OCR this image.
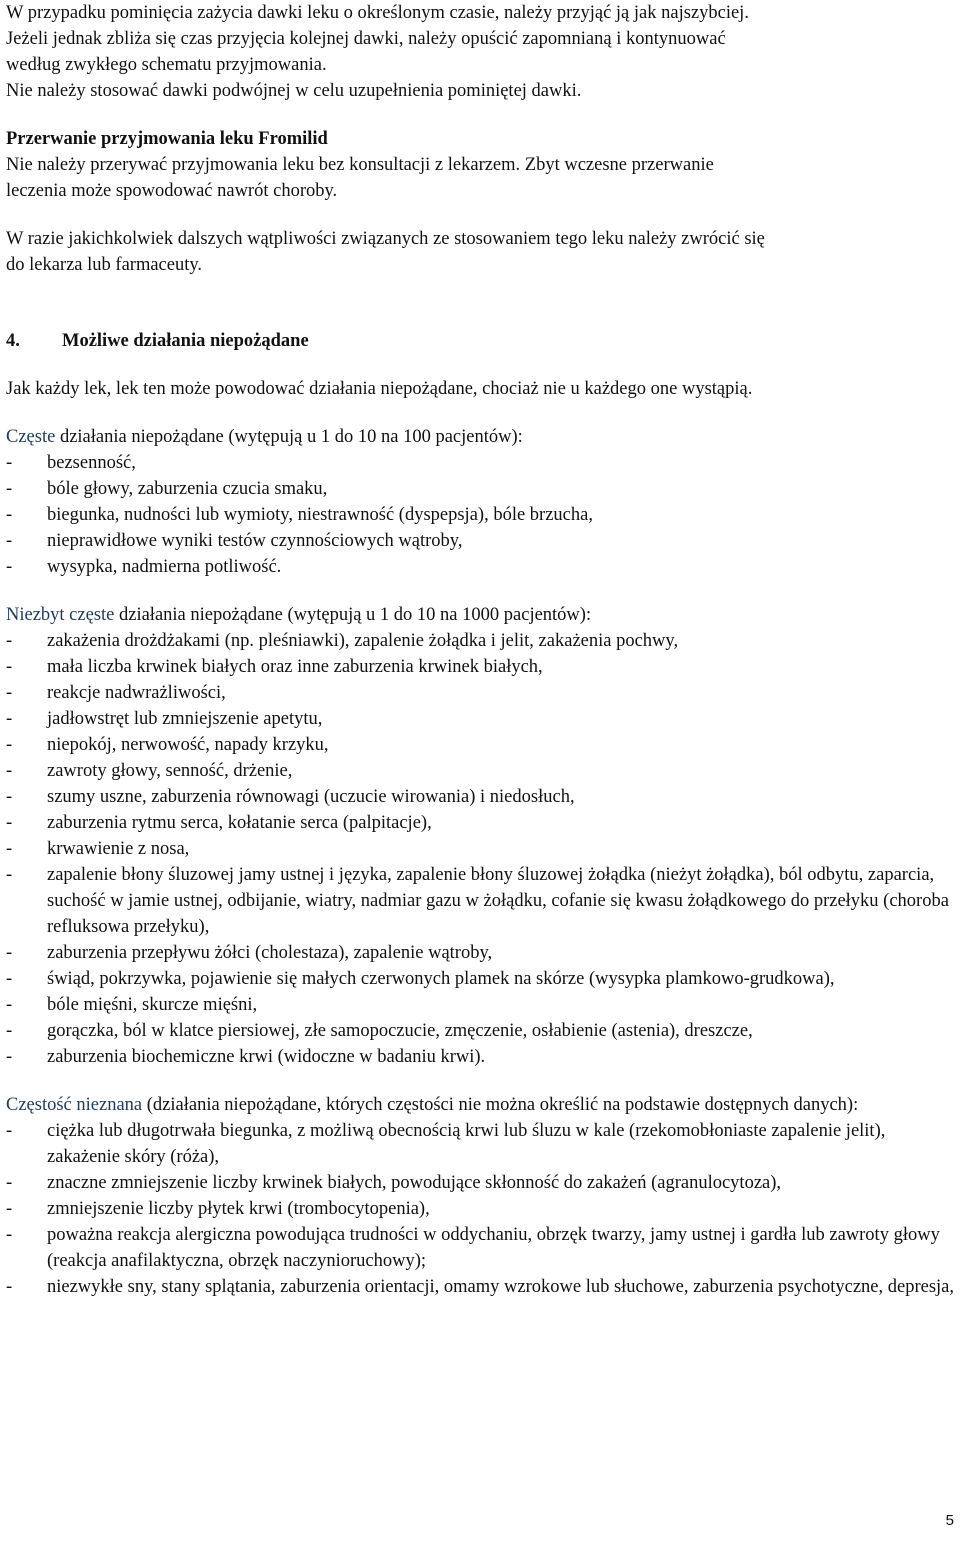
W przypadku pominięcia zażycia dawki leku o określonym czasie, należy przyjąć ją jak najszybciej.

Jeżeli jednak zbliża się czas przyjęcia kolejnej dawki, należy opuścić zapomnianą i kontynuować

według zwykłego schematu przyjmowania.

Nie należy stosować dawki podwójnej w celu uzupełnienia pominiętej dawki.

Przerwanie przyjmowania leku Fromilid

Nie należy przerywać przyjmowania leku bez konsultacji z lekarzem. Zbyt wczesne przerwanie

leczenia może spowodować nawrót choroby.

W razie jakichkolwiek dalszych wątpliwości związanych ze stosowaniem tego leku należy zwrócić się

do lekarza lub farmaceuty.

4. Możliwe działania niepożądane

Jak każdy lek, lek ten może powodować działania niepożądane, chociaż nie u każdego one wystąpią.

Częste działania niepożądane (wytępują u 1 do 10 na 100 pacjentów):

- bezsenność,
- bóle głowy, zaburzenia czucia smaku,
- biegunka, nudności lub wymioty, niestrawność (dyspepsja), bóle brzucha,
- nieprawidłowe wyniki testów czynnościowych wątroby,
- wysypka, nadmierna potliwość.

Niezbyt częste działania niepożądane (wytępują u 1 do 10 na 1000 pacjentów):

- zakażenia drożdżakami (np. pleśniawki), zapalenie żołądka i jelit, zakażenia pochwy,
- mała liczba krwinek białych oraz inne zaburzenia krwinek białych,
- reakcje nadwrażliwości,
- jadłowstręt lub zmniejszenie apetytu,
- niepokój, nerwowość, napady krzyku,
- zawroty głowy, senność, drżenie,
- szumy uszne, zaburzenia równowagi (uczucie wirowania) i niedosłuch,
- zaburzenia rytmu serca, kołatanie serca (palpitacje),
- krwawienie z nosa,
- zapalenie błony śluzowej jamy ustnej i języka, zapalenie błony śluzowej żołądka (nieżyt żołądka), ból odbytu, zaparcia, suchość w jamie ustnej, odbijanie, wiatry, nadmiar gazu w żołądku, cofanie się kwasu żołądkowego do przełyku (choroba refluksowa przełyku),
- zaburzenia przepływu żółci (cholestaza), zapalenie wątroby,
- świąd, pokrzywka, pojawienie się małych czerwonych plamek na skórze (wysypka plamkowo-grudkowa),
- bóle mięśni, skurcze mięśni,
- gorączka, ból w klatce piersiowej, złe samopoczucie, zmęczenie, osłabienie (astenia), dreszcze,
- zaburzenia biochemiczne krwi (widoczne w badaniu krwi).

Częstość nieznana (działania niepożądane, których częstości nie można określić na podstawie dostępnych danych):

- ciężka lub długotrwała biegunka, z możliwą obecnością krwi lub śluzu w kale (rzekomobłoniaste zapalenie jelit), zakażenie skóry (róża),
- znaczne zmniejszenie liczby krwinek białych, powodujące skłonność do zakażeń (agranulocytoza),
- zmniejszenie liczby płytek krwi (trombocytopenia),
- poważna reakcja alergiczna powodująca trudności w oddychaniu, obrzęk twarzy, jamy ustnej i gardła lub zawroty głowy (reakcja anafilaktyczna, obrzęk naczynioruchowy);
- niezwykłe sny, stany splątania, zaburzenia orientacji, omamy wzrokowe lub słuchowe, zaburzenia psychotyczne, depresja,
5
